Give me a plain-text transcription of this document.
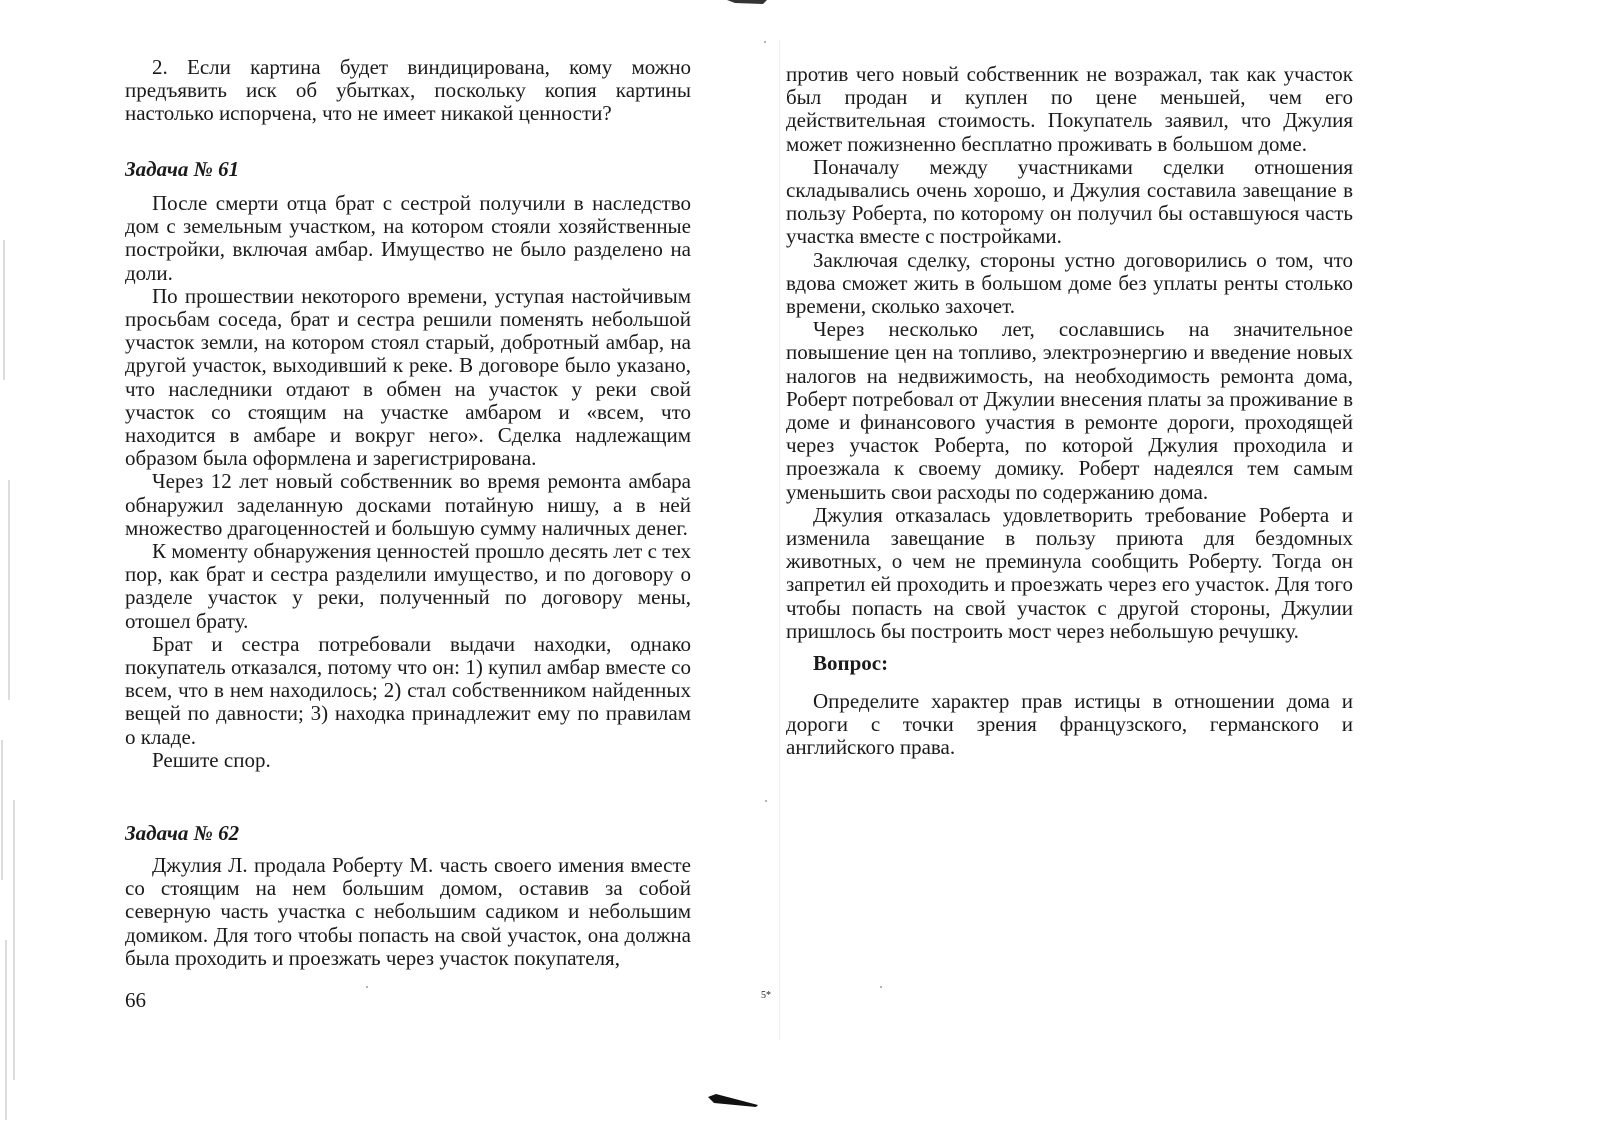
2. Если картина будет виндицирована, кому можно предъявить иск об убытках, поскольку копия картины настолько испорчена, что не имеет никакой ценности?

Задача № 61

После смерти отца брат с сестрой получили в наследство дом с земельным участком, на котором стояли хозяйственные постройки, включая амбар. Имущество не было разделено на доли.

По прошествии некоторого времени, уступая настойчивым просьбам соседа, брат и сестра решили поменять небольшой участок земли, на котором стоял старый, добротный амбар, на другой участок, выходивший к реке. В договоре было указано, что наследники отдают в обмен на участок у реки свой участок со стоящим на участке амбаром и «всем, что находится в амбаре и вокруг него». Сделка надлежащим образом была оформлена и зарегистрирована.

Через 12 лет новый собственник во время ремонта амбара обнаружил заделанную досками потайную нишу, а в ней множество драгоценностей и большую сумму наличных денег.

К моменту обнаружения ценностей прошло десять лет с тех пор, как брат и сестра разделили имущество, и по договору о разделе участок у реки, полученный по договору мены, отошел брату.

Брат и сестра потребовали выдачи находки, однако покупатель отказался, потому что он: 1) купил амбар вместе со всем, что в нем находилось; 2) стал собственником найденных вещей по давности; 3) находка принадлежит ему по правилам о кладе.

Решите спор.

Задача № 62

Джулия Л. продала Роберту М. часть своего имения вместе со стоящим на нем большим домом, оставив за собой северную часть участка с небольшим садиком и небольшим домиком. Для того чтобы попасть на свой участок, она должна была проходить и проезжать через участок покупателя,

66

против чего новый собственник не возражал, так как участок был продан и куплен по цене меньшей, чем его действительная стоимость. Покупатель заявил, что Джулия может пожизненно бесплатно проживать в большом доме.

Поначалу между участниками сделки отношения складывались очень хорошо, и Джулия составила завещание в пользу Роберта, по которому он получил бы оставшуюся часть участка вместе с постройками.

Заключая сделку, стороны устно договорились о том, что вдова сможет жить в большом доме без уплаты ренты столько времени, сколько захочет.

Через несколько лет, сославшись на значительное повышение цен на топливо, электроэнергию и введение новых налогов на недвижимость, на необходимость ремонта дома, Роберт потребовал от Джулии внесения платы за проживание в доме и финансового участия в ремонте дороги, проходящей через участок Роберта, по которой Джулия проходила и проезжала к своему домику. Роберт надеялся тем самым уменьшить свои расходы по содержанию дома.

Джулия отказалась удовлетворить требование Роберта и изменила завещание в пользу приюта для бездомных животных, о чем не преминула сообщить Роберту. Тогда он запретил ей проходить и проезжать через его участок. Для того чтобы попасть на свой участок с другой стороны, Джулии пришлось бы построить мост через небольшую речушку.

Вопрос:

Определите характер прав истицы в отношении дома и дороги с точки зрения французского, германского и английского права.

5*
